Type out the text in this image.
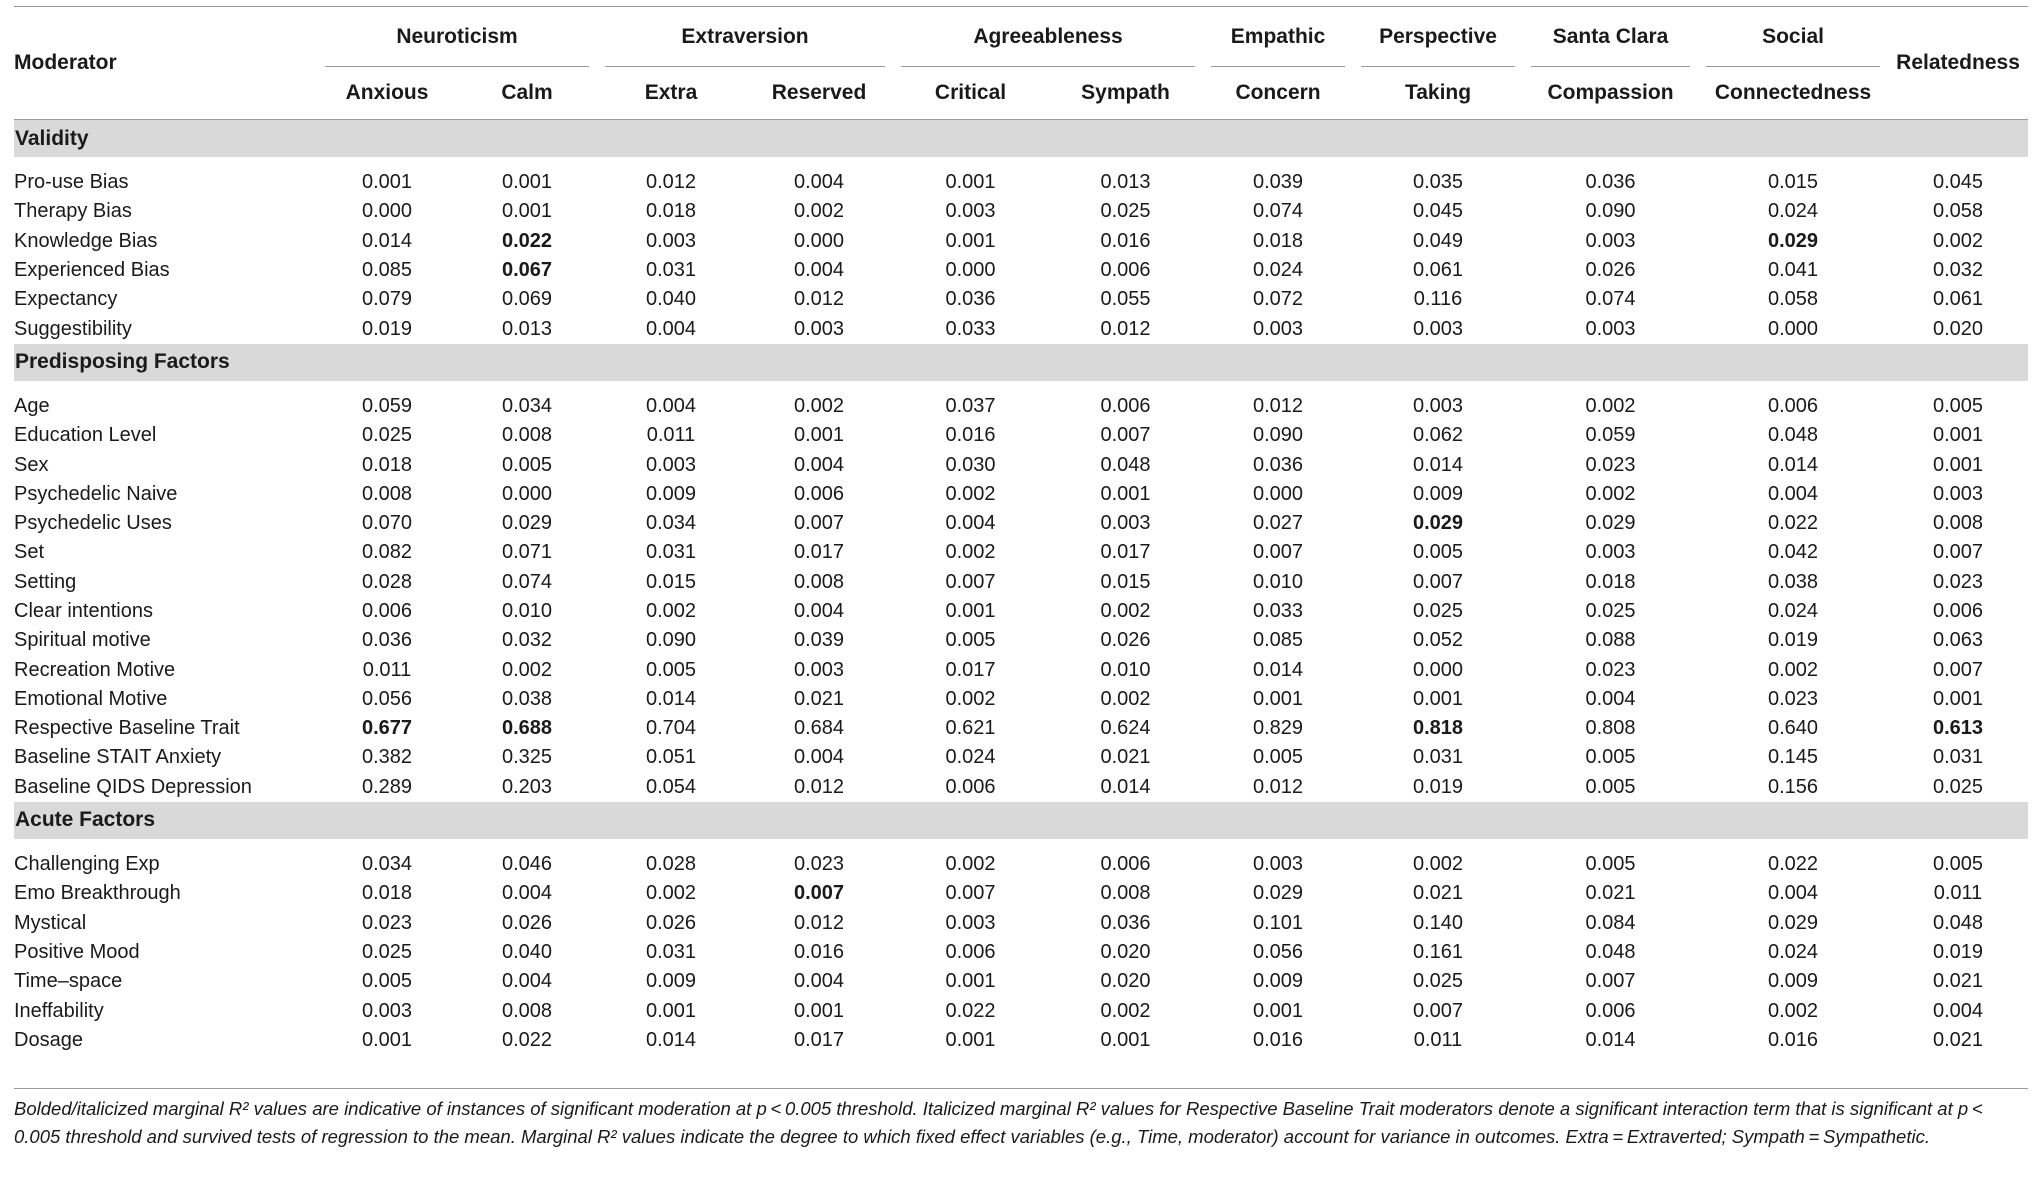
Moderator	Neuroticism		Extraversion		Agreeableness		Empathic	Perspective	Santa Clara	Social	Relatedness
	Anxious	Calm	Extra	Reserved	Critical	Sympath	Concern	Taking	Compassion	Connectedness	
Validity											

Pro-use Bias	0.001	0.001	0.012	0.004	0.001	0.013	0.039	0.035	0.036	0.015	0.045
Therapy Bias	0.000	0.001	0.018	0.002	0.003	0.025	0.074	0.045	0.090	0.024	0.058
Knowledge Bias	0.014	0.022	0.003	0.000	0.001	0.016	0.018	0.049	0.003	0.029	0.002
Experienced Bias	0.085	0.067	0.031	0.004	0.000	0.006	0.024	0.061	0.026	0.041	0.032
Expectancy	0.079	0.069	0.040	0.012	0.036	0.055	0.072	0.116	0.074	0.058	0.061
Suggestibility	0.019	0.013	0.004	0.003	0.033	0.012	0.003	0.003	0.003	0.000	0.020
Predisposing Factors											

Age	0.059	0.034	0.004	0.002	0.037	0.006	0.012	0.003	0.002	0.006	0.005
Education Level	0.025	0.008	0.011	0.001	0.016	0.007	0.090	0.062	0.059	0.048	0.001
Sex	0.018	0.005	0.003	0.004	0.030	0.048	0.036	0.014	0.023	0.014	0.001
Psychedelic Naive	0.008	0.000	0.009	0.006	0.002	0.001	0.000	0.009	0.002	0.004	0.003
Psychedelic Uses	0.070	0.029	0.034	0.007	0.004	0.003	0.027	0.029	0.029	0.022	0.008
Set	0.082	0.071	0.031	0.017	0.002	0.017	0.007	0.005	0.003	0.042	0.007
Setting	0.028	0.074	0.015	0.008	0.007	0.015	0.010	0.007	0.018	0.038	0.023
Clear intentions	0.006	0.010	0.002	0.004	0.001	0.002	0.033	0.025	0.025	0.024	0.006
Spiritual motive	0.036	0.032	0.090	0.039	0.005	0.026	0.085	0.052	0.088	0.019	0.063
Recreation Motive	0.011	0.002	0.005	0.003	0.017	0.010	0.014	0.000	0.023	0.002	0.007
Emotional Motive	0.056	0.038	0.014	0.021	0.002	0.002	0.001	0.001	0.004	0.023	0.001
Respective Baseline Trait	0.677	0.688	0.704	0.684	0.621	0.624	0.829	0.818	0.808	0.640	0.613
Baseline STAIT Anxiety	0.382	0.325	0.051	0.004	0.024	0.021	0.005	0.031	0.005	0.145	0.031
Baseline QIDS Depression	0.289	0.203	0.054	0.012	0.006	0.014	0.012	0.019	0.005	0.156	0.025
Acute Factors											

Challenging Exp	0.034	0.046	0.028	0.023	0.002	0.006	0.003	0.002	0.005	0.022	0.005
Emo Breakthrough	0.018	0.004	0.002	0.007	0.007	0.008	0.029	0.021	0.021	0.004	0.011
Mystical	0.023	0.026	0.026	0.012	0.003	0.036	0.101	0.140	0.084	0.029	0.048
Positive Mood	0.025	0.040	0.031	0.016	0.006	0.020	0.056	0.161	0.048	0.024	0.019
Time–space	0.005	0.004	0.009	0.004	0.001	0.020	0.009	0.025	0.007	0.009	0.021
Ineffability	0.003	0.008	0.001	0.001	0.022	0.002	0.001	0.007	0.006	0.002	0.004
Dosage	0.001	0.022	0.014	0.017	0.001	0.001	0.016	0.011	0.014	0.016	0.021
Bolded/italicized marginal R² values are indicative of instances of significant moderation at p < 0.005 threshold. Italicized marginal R² values for Respective Baseline Trait moderators denote a significant interaction term that is significant at p < 0.005 threshold and survived tests of regression to the mean. Marginal R² values indicate the degree to which fixed effect variables (e.g., Time, moderator) account for variance in outcomes. Extra = Extraverted; Sympath = Sympathetic.
